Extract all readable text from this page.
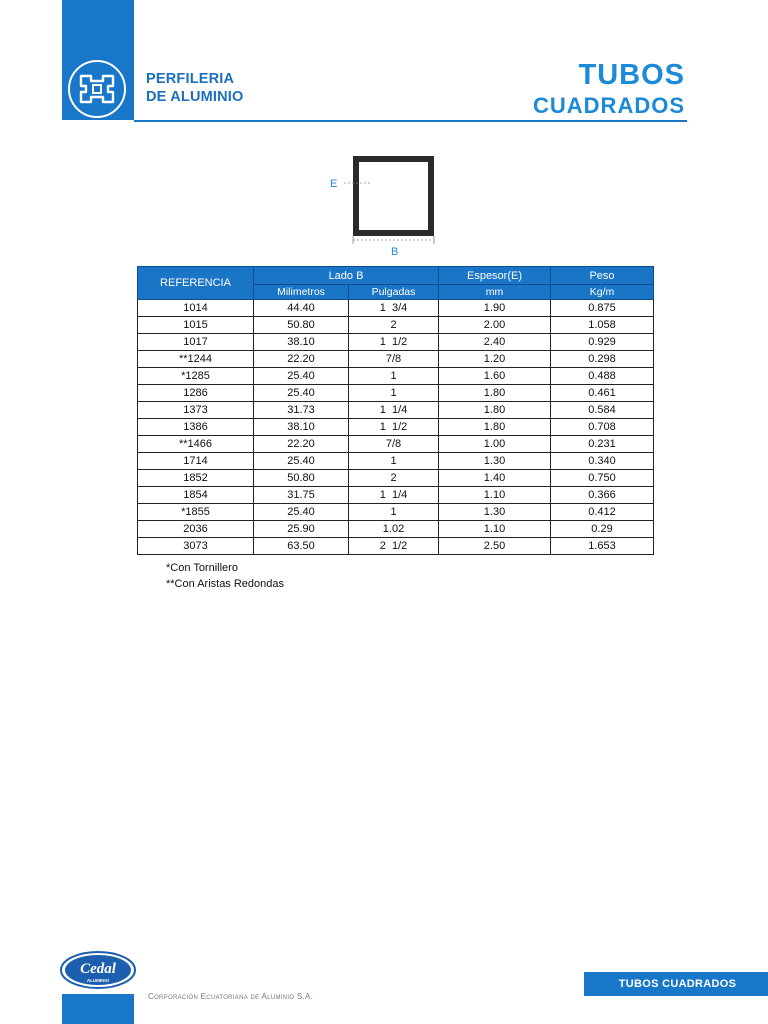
PERFILERIA
DE ALUMINIO
TUBOS
CUADRADOS
E
B
REFERENCIA	Lado B		Espesor(E)	Peso
	Milimetros	Pulgadas	mm	Kg/m
1014	44.40	1  3/4	1.90	0.875
1015	50.80	2	2.00	1.058
1017	38.10	1  1/2	2.40	0.929
**1244	22.20	7/8	1.20	0.298
*1285	25.40	1	1.60	0.488
1286	25.40	1	1.80	0.461
1373	31.73	1  1/4	1.80	0.584
1386	38.10	1  1/2	1.80	0.708
**1466	22.20	7/8	1.00	0.231
1714	25.40	1	1.30	0.340
1852	50.80	2	1.40	0.750
1854	31.75	1  1/4	1.10	0.366
*1855	25.40	1	1.30	0.412
2036	25.90	1.02	1.10	0.29
3073	63.50	2  1/2	2.50	1.653
*Con Tornillero
**Con Aristas Redondas
Cedal
ALUMINIO
Corporación Ecuatoriana de Aluminio S.A.
TUBOS CUADRADOS
